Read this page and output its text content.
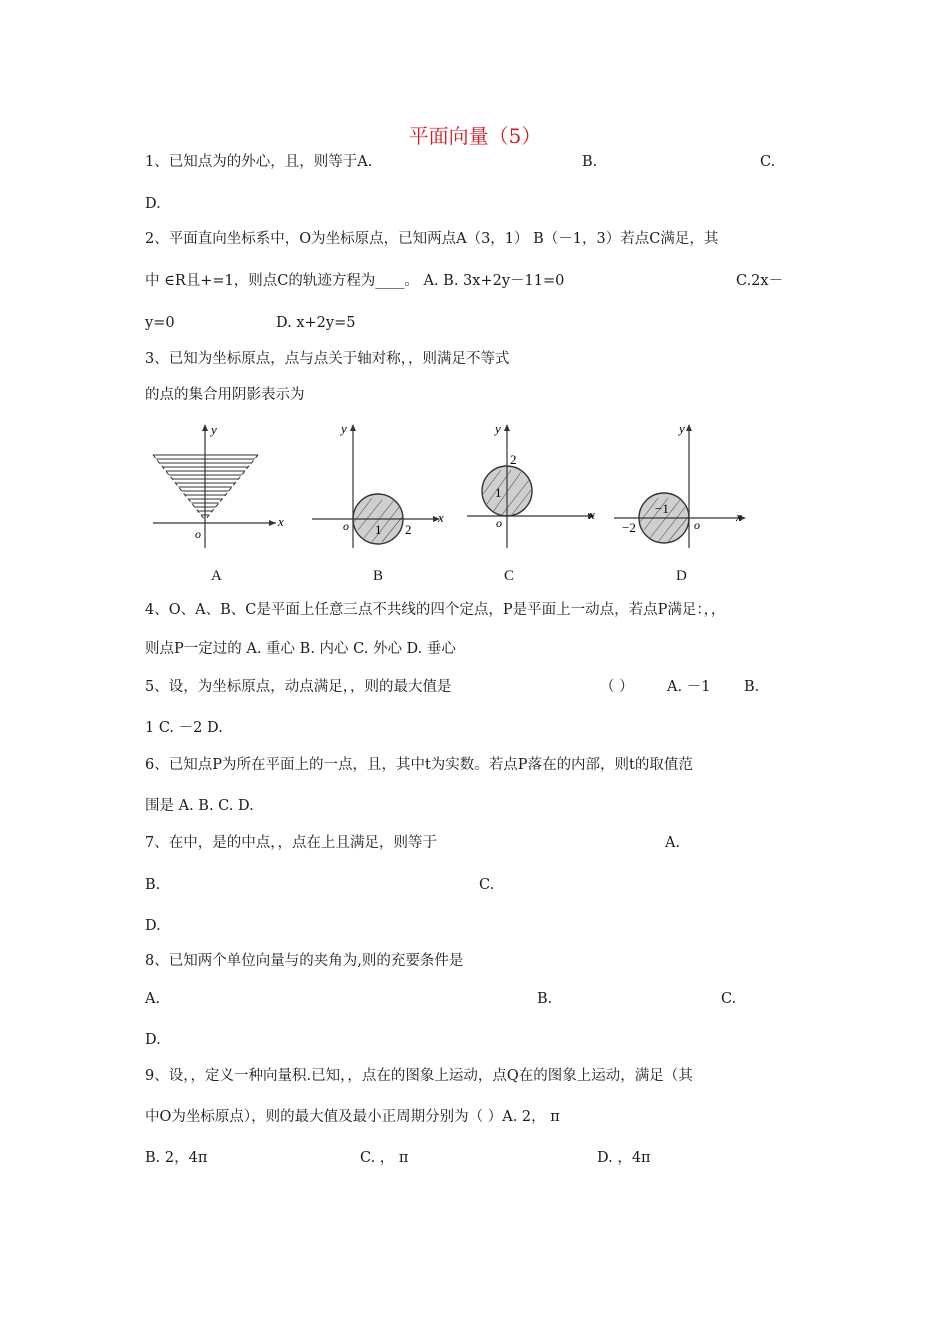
平面向量（5）
1、已知点为的外心，且，则等于A.	B.	C.
D.
2、平面直向坐标系中，O为坐标原点，已知两点A（3，1） B（－1，3）若点C满足，其
中 ∈R且+=1，则点C的轨迹方程为____。 A. B. 3x+2y－11=0	C.2x－
y=0	D. x+2y=5
3、已知为坐标原点，点与点关于轴对称，，则满足不等式
的点的集合用阴影表示为
y
x
o
A
y
x
o 1 2
B
y
x
o
2
1
C
y
x
o
−1
−2
D
4、O、A、B、C是平面上任意三点不共线的四个定点，P是平面上一动点，若点P满足：，，
则点P一定过的 A. 重心 B. 内心 C. 外心 D. 垂心
5、设，为坐标原点，动点满足，，则的最大值是	（ ） A. －1 B.
1 C. －2 D.
6、已知点P为所在平面上的一点，且，其中t为实数。若点P落在的内部，则t的取值范
围是 A. B. C. D.
7、在中，是的中点，，点在上且满足，则等于	A.
B.	C.
D.
8、已知两个单位向量与的夹角为,则的充要条件是
A.	B.	C.
D.
9、设，，定义一种向量积.已知，，点在的图象上运动，点Q在的图象上运动，满足（其
中O为坐标原点），则的最大值及最小正周期分别为（ ）A. 2， π
B. 2，4π	C. ， π	D. ，4π
